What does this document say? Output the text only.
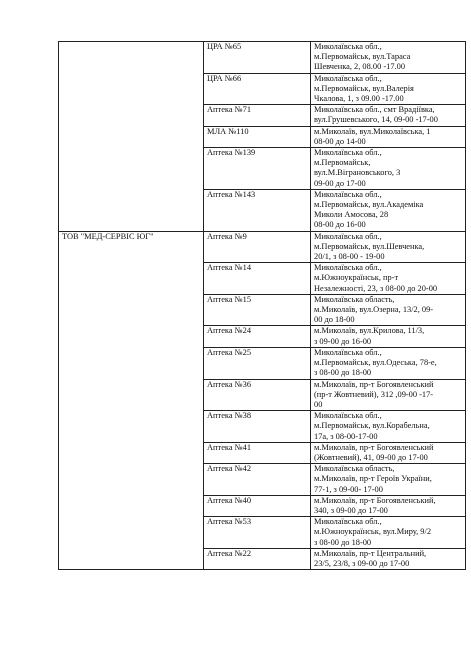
	ЦРА №65	Миколаївська обл.,
м.Первомайськ, вул.Тараса
Шевченка, 2, 08.00 -17.00

	ЦРА №66	Миколаївська обл.,
м.Первомайськ, вул.Валерія
Чкалова, 1, з 09.00 -17.00

	Аптека №71	Миколаївська обл., смт Врадіївка,
вул.Грушевського, 14, 09-00 -17-00

	МЛА №110	м.Миколаїв, вул.Миколаївська, 1
08-00 до 14-00

	Аптека №139	Миколаївська обл.,
м.Первомайськ,
вул.М.Віграновського, 3
09-00 до 17-00

	Аптека №143	Миколаївська обл.,
м.Первомайськ, вул.Академіка
Миколи Амосова, 28
08-00 до 16-00

ТОВ "МЕД-СЕРВІС ЮГ"	Аптека №9	Миколаївська обл.,
м.Первомайськ, вул.Шевченка,
20/1, з 08-00 - 19-00

	Аптека №14	Миколаївська обл.,
м.Южноукраїнськ, пр-т
Незалежності, 23, з 08-00 до 20-00

	Аптека №15	Миколаївська область,
м.Миколаїв, вул.Озерна, 13/2, 09-
00 до 18-00

	Аптека №24	м.Миколаїв, вул.Крилова, 11/3,
з 09-00 до 16-00

	Аптека №25	Миколаївська обл.,
м.Первомайськ, вул.Одеська, 78-е,
з 08-00 до 18-00

	Аптека №36	м.Миколаїв, пр-т Богоявленський
(пр-т Жовтневий), 312 ,09-00 -17-
00

	Аптека №38	Миколаївська обл.,
м.Первомайськ, вул.Корабельна,
17а, з 08-00-17-00

	Аптека №41	м.Миколаїв, пр-т Богоявленський
(Жовтневий), 41, 09-00 до 17-00

	Аптека №42	Миколаївська область,
м.Миколаїв, пр-т Героїв України,
77-1, з 09-00- 17-00

	Аптека №40	м.Миколаїв, пр-т Богоявленський,
340, з 09-00 до 17-00

	Аптека №53	Миколаївська обл.,
м.Южноукраїнськ, вул.Миру, 9/2
з 08-00 до 18-00

	Аптека №22	м.Миколаїв, пр-т Центральний,
23/5, 23/8, з 09-00 до 17-00
